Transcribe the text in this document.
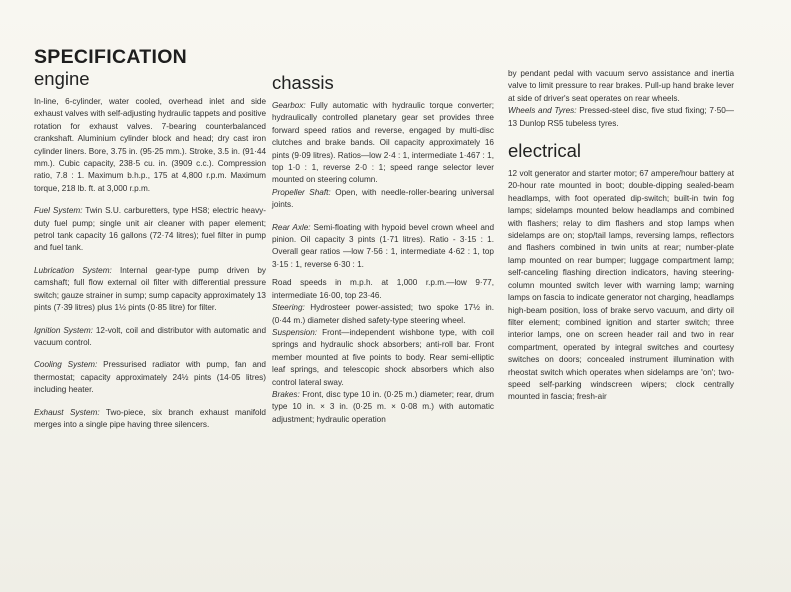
SPECIFICATION
engine

In-line, 6-cylinder, water cooled, overhead inlet and side exhaust valves with self-adjusting hydraulic tappets and positive rotation for exhaust valves. 7-bearing counterbalanced crankshaft. Aluminium cylinder block and head; dry cast iron cylinder liners. Bore, 3.75 in. (95·25 mm.). Stroke, 3.5 in. (91·44 mm.). Cubic capacity, 238·5 cu. in. (3909 c.c.). Compression ratio, 7.8 : 1. Maximum b.h.p., 175 at 4,800 r.p.m. Maximum torque, 218 lb. ft. at 3,000 r.p.m.

Fuel System: Twin S.U. carburetters, type HS8; electric heavy-duty fuel pump; single unit air cleaner with paper element; petrol tank capacity 16 gallons (72·74 litres); fuel filter in pump and fuel tank.

Lubrication System: Internal gear-type pump driven by camshaft; full flow external oil filter with differential pressure switch; gauze strainer in sump; sump capacity approximately 13 pints (7·39 litres) plus 1½ pints (0·85 litre) for filter.

Ignition System: 12-volt, coil and distributor with automatic and vacuum control.

Cooling System: Pressurised radiator with pump, fan and thermostat; capacity approximately 24½ pints (14·05 litres) including heater.

Exhaust System: Two-piece, six branch exhaust manifold merges into a single pipe having three silencers.

chassis

Gearbox: Fully automatic with hydraulic torque converter; hydraulically controlled planetary gear set provides three forward speed ratios and reverse, engaged by multi-disc clutches and brake bands. Oil capacity approximately 16 pints (9·09 litres). Ratios—low 2·4 : 1, intermediate 1·467 : 1, top 1·0 : 1, reverse 2·0 : 1; speed range selector lever mounted on steering column.

Propeller Shaft: Open, with needle-roller-bearing universal joints.

Rear Axle: Semi-floating with hypoid bevel crown wheel and pinion. Oil capacity 3 pints (1·71 litres). Ratio - 3·15 : 1. Overall gear ratios —low 7·56 : 1, intermediate 4·62 : 1, top 3·15 : 1, reverse 6·30 : 1.

Road speeds in m.p.h. at 1,000 r.p.m.—low 9·77, intermediate 16·00, top 23·46.

Steering: Hydrosteer power-assisted; two spoke 17½ in. (0·44 m.) diameter dished safety-type steering wheel.

Suspension: Front—independent wishbone type, with coil springs and hydraulic shock absorbers; anti-roll bar. Front member mounted at five points to body. Rear semi-elliptic leaf springs, and telescopic shock absorbers which also control lateral sway.

Brakes: Front, disc type 10 in. (0·25 m.) diameter; rear, drum type 10 in. × 3 in. (0·25 m. × 0·08 m.) with automatic adjustment; hydraulic operation

by pendant pedal with vacuum servo assistance and inertia valve to limit pressure to rear brakes. Pull-up hand brake lever at side of driver's seat operates on rear wheels.

Wheels and Tyres: Pressed-steel disc, five stud fixing; 7·50—13 Dunlop RS5 tubeless tyres.

electrical

12 volt generator and starter motor; 67 ampere/hour battery at 20-hour rate mounted in boot; double-dipping sealed-beam headlamps, with foot operated dip-switch; built-in twin fog lamps; sidelamps mounted below headlamps and combined with flashers; relay to dim flashers and stop lamps when sidelamps are on; stop/tail lamps, reversing lamps, reflectors and flashers combined in twin units at rear; number-plate lamp mounted on rear bumper; luggage compartment lamp; self-canceling flashing direction indicators, having steering-column mounted switch lever with warning lamp; warning lamps on fascia to indicate generator not charging, headlamps high-beam position, loss of brake servo vacuum, and dirty oil filter element; combined ignition and starter switch; three interior lamps, one on screen header rail and two in rear compartment, operated by integral switches and courtesy switches on doors; concealed instrument illumination with rheostat switch which operates when sidelamps are 'on'; two-speed self-parking windscreen wipers; clock centrally mounted in fascia; fresh-air
